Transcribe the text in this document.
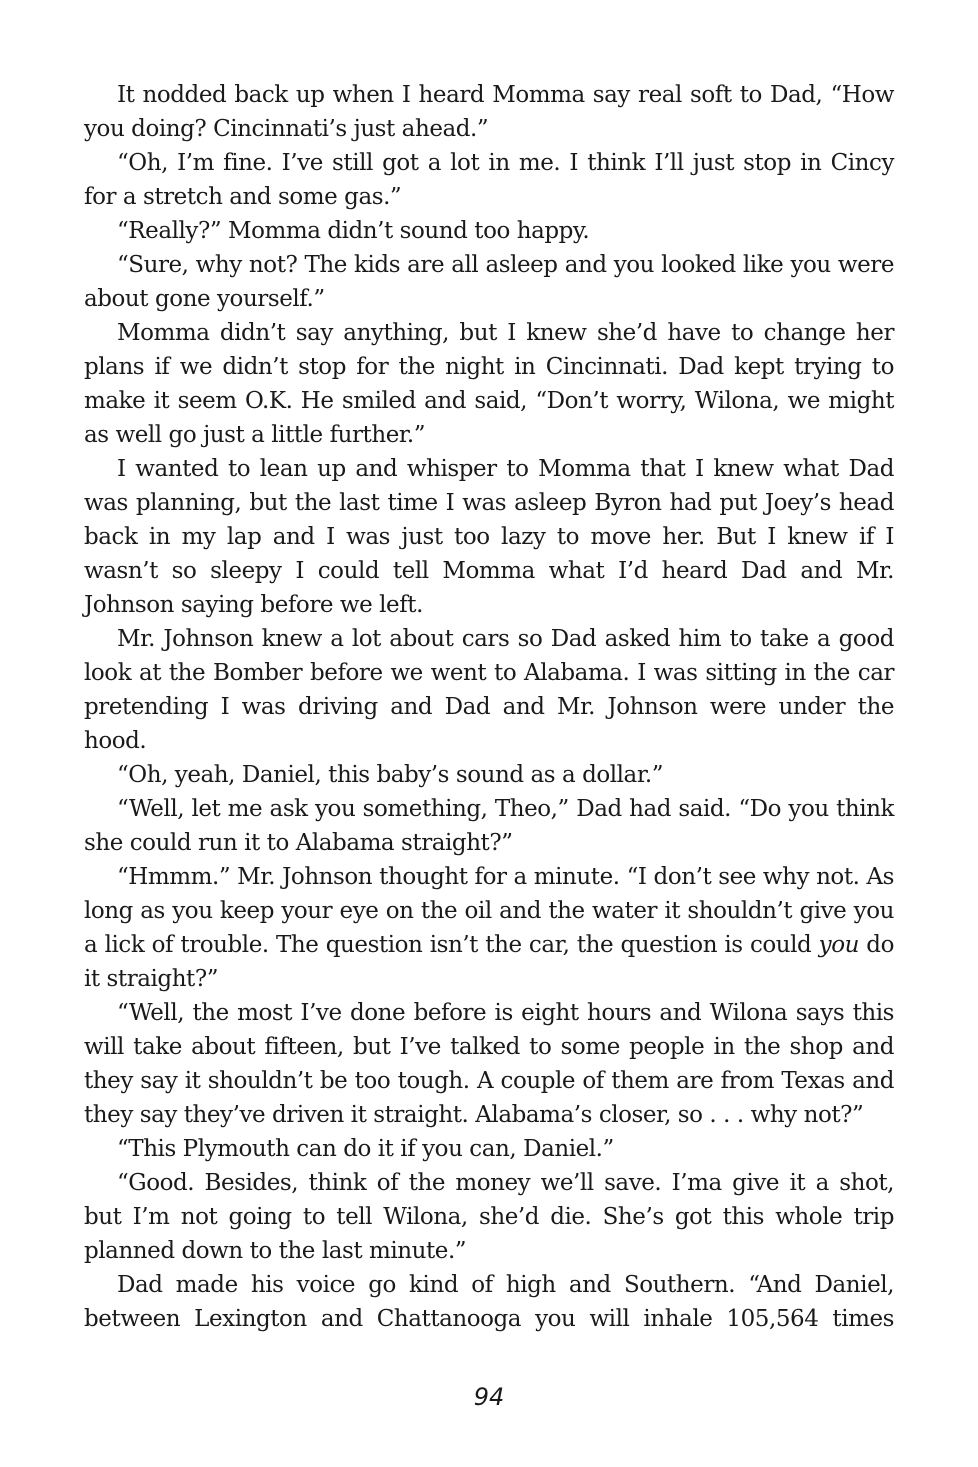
It nodded back up when I heard Momma say real soft to Dad, “How you doing? Cincinnati’s just ahead.”

“Oh, I’m fine. I’ve still got a lot in me. I think I’ll just stop in Cincy for a stretch and some gas.”

“Really?” Momma didn’t sound too happy.

“Sure, why not? The kids are all asleep and you looked like you were about gone yourself.”

Momma didn’t say anything, but I knew she’d have to change her plans if we didn’t stop for the night in Cincinnati. Dad kept trying to make it seem O.K. He smiled and said, “Don’t worry, Wilona, we might as well go just a little further.”

I wanted to lean up and whisper to Momma that I knew what Dad was planning, but the last time I was asleep Byron had put Joey’s head back in my lap and I was just too lazy to move her. But I knew if I wasn’t so sleepy I could tell Momma what I’d heard Dad and Mr. Johnson saying before we left.

Mr. Johnson knew a lot about cars so Dad asked him to take a good look at the Bomber before we went to Alabama. I was sitting in the car pretending I was driving and Dad and Mr. Johnson were under the hood.

“Oh, yeah, Daniel, this baby’s sound as a dollar.”

“Well, let me ask you something, Theo,” Dad had said. “Do you think she could run it to Alabama straight?”

“Hmmm.” Mr. Johnson thought for a minute. “I don’t see why not. As long as you keep your eye on the oil and the water it shouldn’t give you a lick of trouble. The question isn’t the car, the question is could you do it straight?”

“Well, the most I’ve done before is eight hours and Wilona says this will take about fifteen, but I’ve talked to some people in the shop and they say it shouldn’t be too tough. A couple of them are from Texas and they say they’ve driven it straight. Alabama’s closer, so . . . why not?”

“This Plymouth can do it if you can, Daniel.”

“Good. Besides, think of the money we’ll save. I’ma give it a shot, but I’m not going to tell Wilona, she’d die. She’s got this whole trip planned down to the last minute.”

Dad made his voice go kind of high and Southern. “And Daniel, between Lexington and Chattanooga you will inhale 105,564 times

94
